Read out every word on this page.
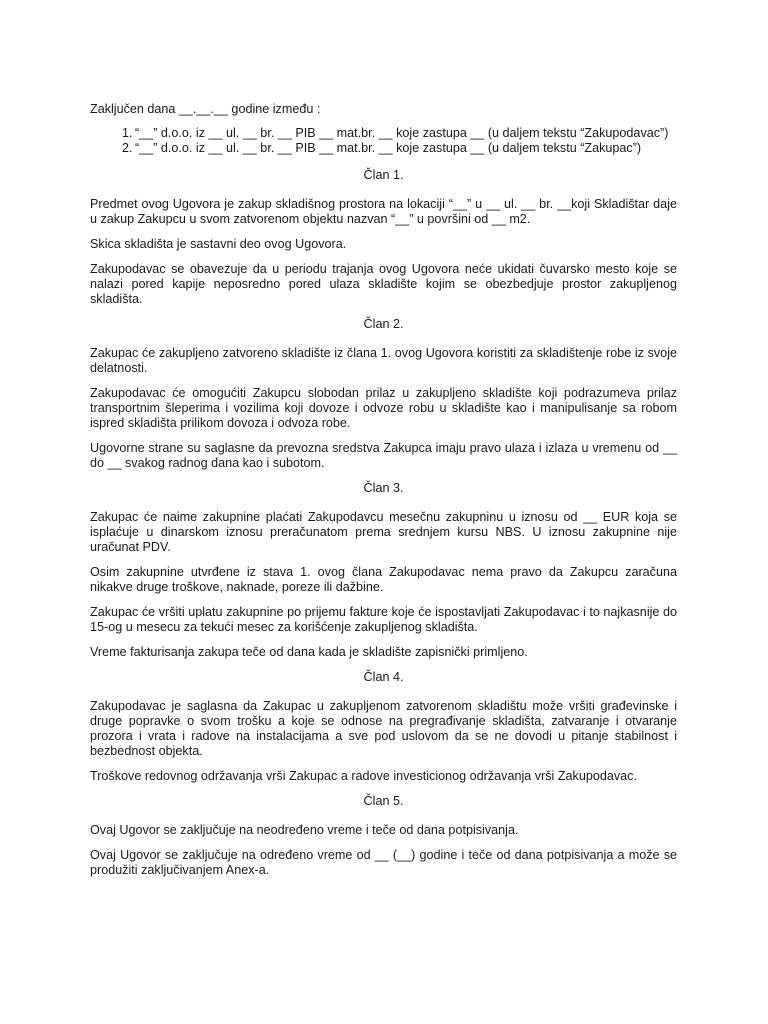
Zaključen dana __.__.__ godine između :

“__” d.o.o. iz __ ul. __ br. __ PIB __ mat.br. __ koje zastupa __ (u daljem tekstu “Zakupodavac”)
“__” d.o.o. iz __ ul. __ br. __ PIB __ mat.br. __ koje zastupa __ (u daljem tekstu “Zakupac”)
Član 1.

Predmet ovog Ugovora je zakup skladišnog prostora na lokaciji “__” u __ ul. __ br. __koji Skladištar daje u zakup Zakupcu u svom zatvorenom objektu nazvan “__” u površini od __ m2.

Skica skladišta je sastavni deo ovog Ugovora.

Zakupodavac se obavezuje da u periodu trajanja ovog Ugovora neće ukidati čuvarsko mesto koje se nalazi pored kapije neposredno pored ulaza skladište kojim se obezbedjuje prostor zakupljenog skladišta.

Član 2.

Zakupac će zakupljeno zatvoreno skladište iz člana 1. ovog Ugovora koristiti za skladištenje robe iz svoje delatnosti.

Zakupodavac će omogućiti Zakupcu slobodan prilaz u zakupljeno skladište koji podrazumeva prilaz transportnim šleperima i vozilima koji dovoze i odvoze robu u skladište kao i manipulisanje sa robom ispred skladišta prilikom dovoza i odvoza robe.

Ugovorne strane su saglasne da prevozna sredstva Zakupca imaju pravo ulaza i izlaza u vremenu od __ do __ svakog radnog dana kao i subotom.

Član 3.

Zakupac će naime zakupnine plaćati Zakupodavcu mesečnu zakupninu u iznosu od __ EUR koja se isplaćuje u dinarskom iznosu preračunatom prema srednjem kursu NBS. U iznosu zakupnine nije uračunat PDV.

Osim zakupnine utvrđene iz stava 1. ovog člana Zakupodavac nema pravo da Zakupcu zaračuna nikakve druge troškove, naknade, poreze ili dažbine.

Zakupac će vršiti uplatu zakupnine po prijemu fakture koje će ispostavljati Zakupodavac i to najkasnije do 15-og u mesecu za tekući mesec za korišćenje zakupljenog skladišta.

Vreme fakturisanja zakupa teče od dana kada je skladište zapisnički primljeno.

Član 4.

Zakupodavac je saglasna da Zakupac u zakupljenom zatvorenom skladištu može vršiti građevinske i druge popravke o svom trošku a koje se odnose na pregrađivanje skladišta, zatvaranje i otvaranje prozora i vrata i radove na instalacijama a sve pod uslovom da se ne dovodi u pitanje stabilnost i bezbednost objekta.

Troškove redovnog održavanja vrši Zakupac a radove investicionog održavanja vrši Zakupodavac.

Član 5.

Ovaj Ugovor se zaključuje na neodređeno vreme i teče od dana potpisivanja.

Ovaj Ugovor se zaključuje na određeno vreme od __ (__) godine i teče od dana potpisivanja a može se produžiti zaključivanjem Anex-a.
